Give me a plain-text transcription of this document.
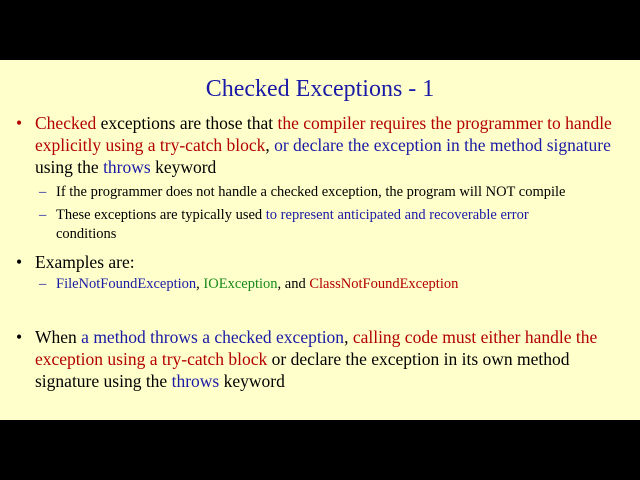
Checked Exceptions - 1
• Checked exceptions are those that the compiler requires the programmer to handle explicitly using a try-catch block, or declare the exception in the method signature using the throws keyword
– If the programmer does not handle a checked exception, the program will NOT compile
– These exceptions are typically used to represent anticipated and recoverable error
conditions
• Examples are:
– FileNotFoundException, IOException, and ClassNotFoundException
• When a method throws a checked exception, calling code must either handle the exception using a try-catch block or declare the exception in its own method signature using the throws keyword
